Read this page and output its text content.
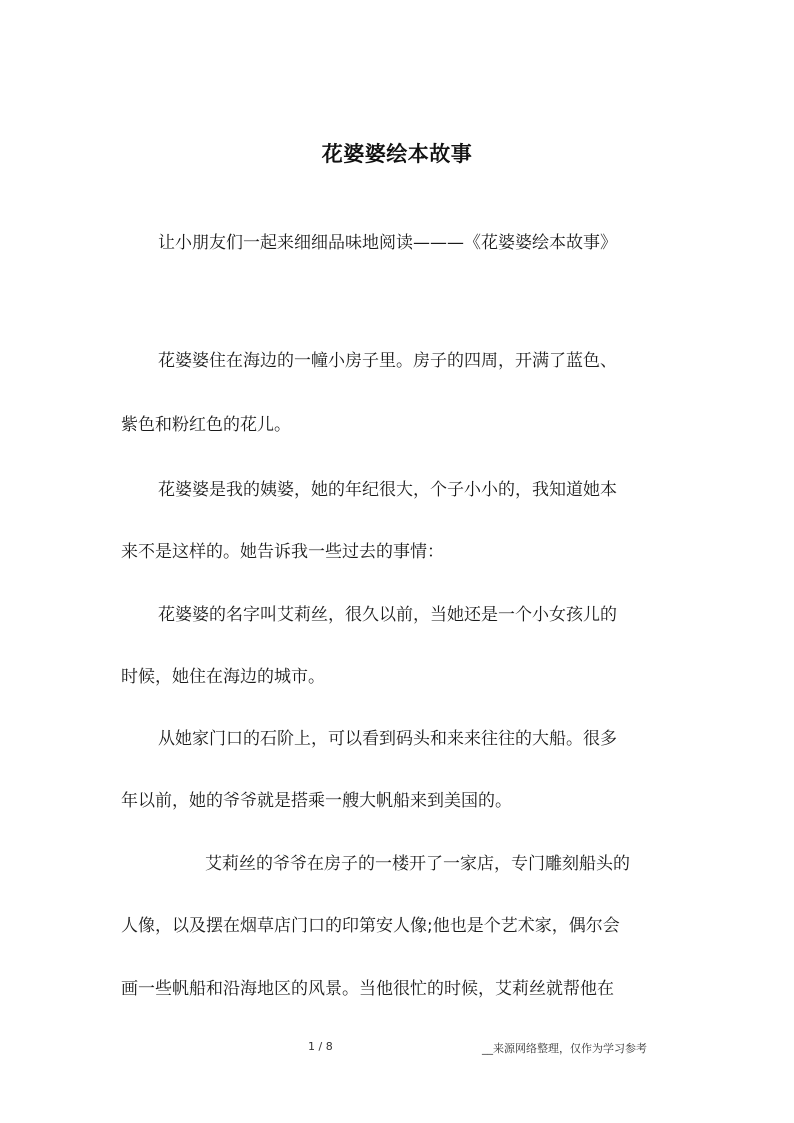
花婆婆绘本故事
让小朋友们一起来细细品味地阅读———《花婆婆绘本故事》
花婆婆住在海边的一幢小房子里。房子的四周，开满了蓝色、
紫色和粉红色的花儿。
花婆婆是我的姨婆，她的年纪很大，个子小小的，我知道她本
来不是这样的。她告诉我一些过去的事情：
花婆婆的名字叫艾莉丝，很久以前，当她还是一个小女孩儿的
时候，她住在海边的城市。
从她家门口的石阶上，可以看到码头和来来往往的大船。很多
年以前，她的爷爷就是搭乘一艘大帆船来到美国的。
艾莉丝的爷爷在房子的一楼开了一家店，专门雕刻船头的
人像，以及摆在烟草店门口的印第安人像;他也是个艺术家，偶尔会
画一些帆船和沿海地区的风景。当他很忙的时候，艾莉丝就帮他在
1 / 8	__来源网络整理，仅作为学习参考
